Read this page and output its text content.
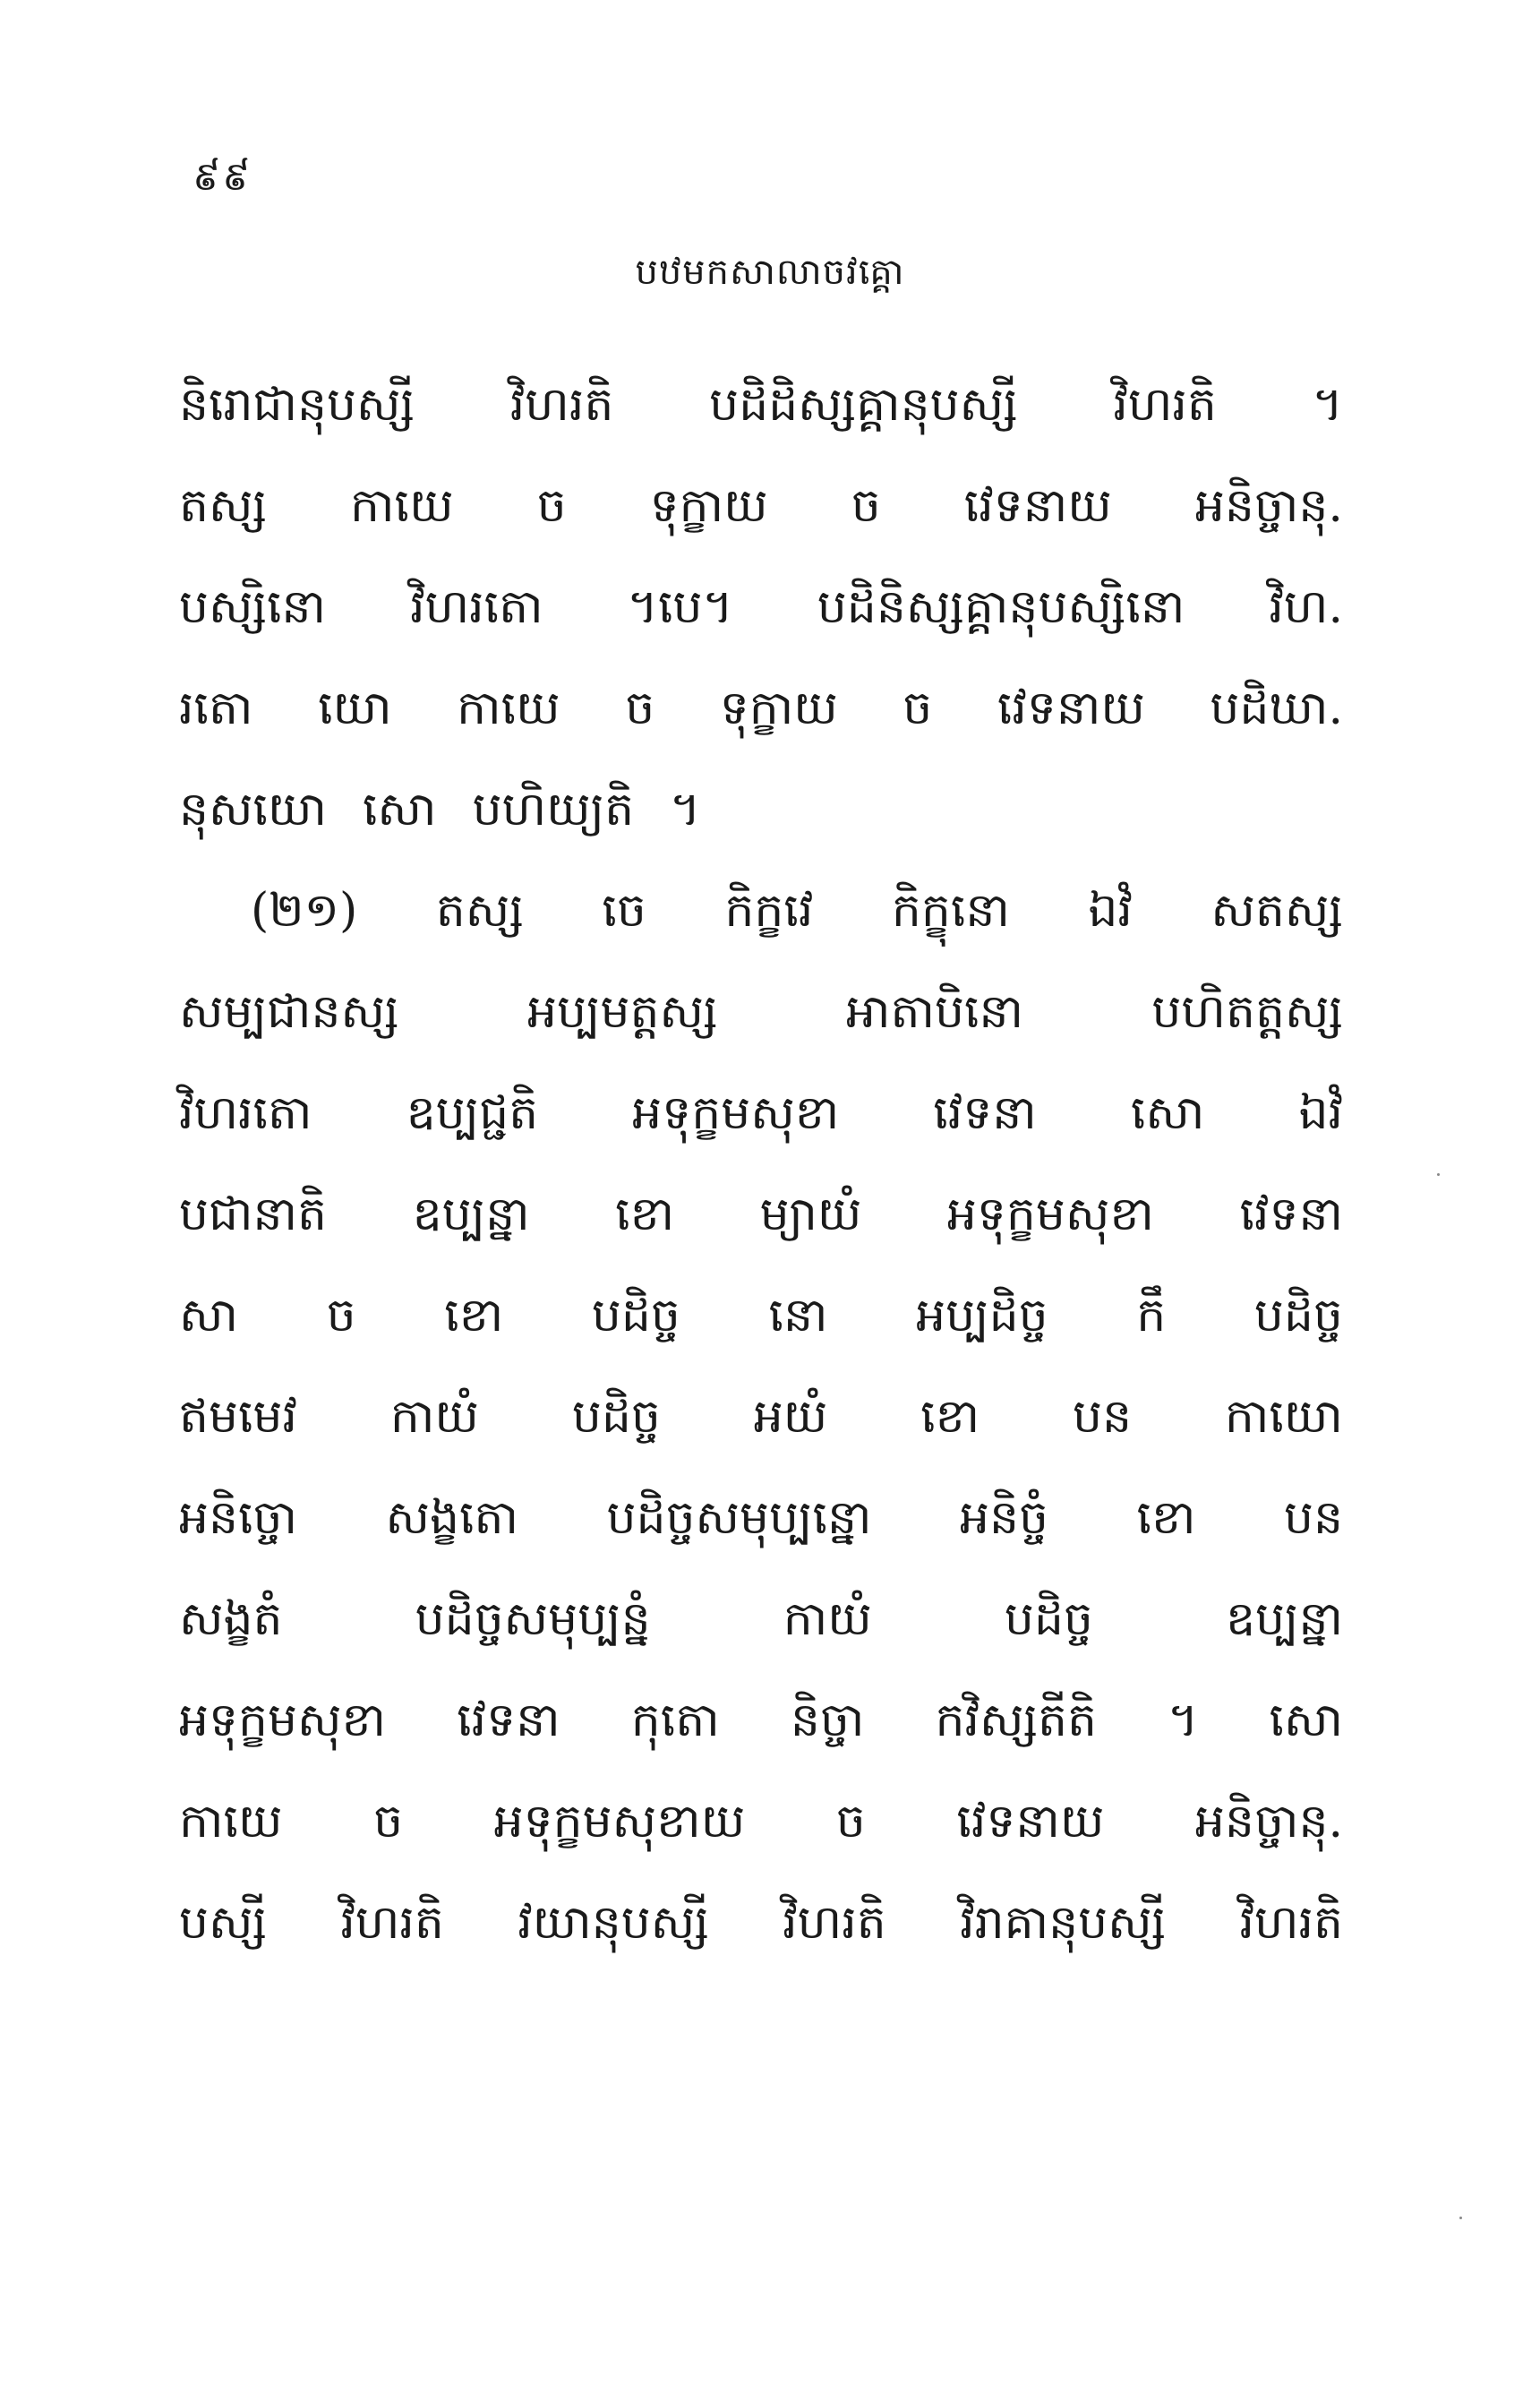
៩៩
បឋមកសាលាចវគ្គោ
និរោជានុបស្សី វិហរតិ បដិដិស្សគ្គានុបស្សី វិហរតិ ។
តស្ស កាយេ ច ទុក្ខាយ ច វេទនាយ អនិច្ចានុ.
បស្សិនោ វិហរតោ ។បេ។ បដិនិស្សគ្គានុបស្សិនោ វិហ.
រតោ យោ កាយេ ច ទុក្ខាយ ច វេទនាយ បដិឃា.
នុសយោ សោ បហិយ្យតិ ។
(២១) តស្ស ចេ កិក្ខវេ កិក្ខុនោ ឯវំ សតស្ស
សម្បជានស្ស	អប្បមត្តស្ស	អាតាបិនោ	បហិតត្តស្ស
វិហរតោ ឧប្បជ្ជតិ អទុក្ខមសុខា វេទនា សោ ឯវំ
បជានាតិ ឧប្បន្នា ខោ ម្យាយំ អទុក្ខមសុខា វេទនា
សា ច ខោ បដិច្ច នោ អប្បដិច្ច កឹ បដិច្ច
ឥមមេវ កាយំ បដិច្ច អយំ ខោ បន កាយោ
អនិច្ចោ សង្ខតោ បដិច្ចសមុប្បន្នោ អនិច្ចំ ខោ បន
សង្ខតំ	បដិច្ចសមុប្បន្នំ	កាយំ	បដិច្ច	ឧប្បន្នា
អទុក្ខមសុខា វេទនា កុតោ និច្ចា កវិស្សតីតិ ។ សោ
កាយេ ច អទុក្ខមសុខាយ ច វេទនាយ អនិច្ចានុ.
បស្សី វិហរតិ វយានុបស្សី វិហរតិ វិរាគានុបស្សី វិហរតិ
